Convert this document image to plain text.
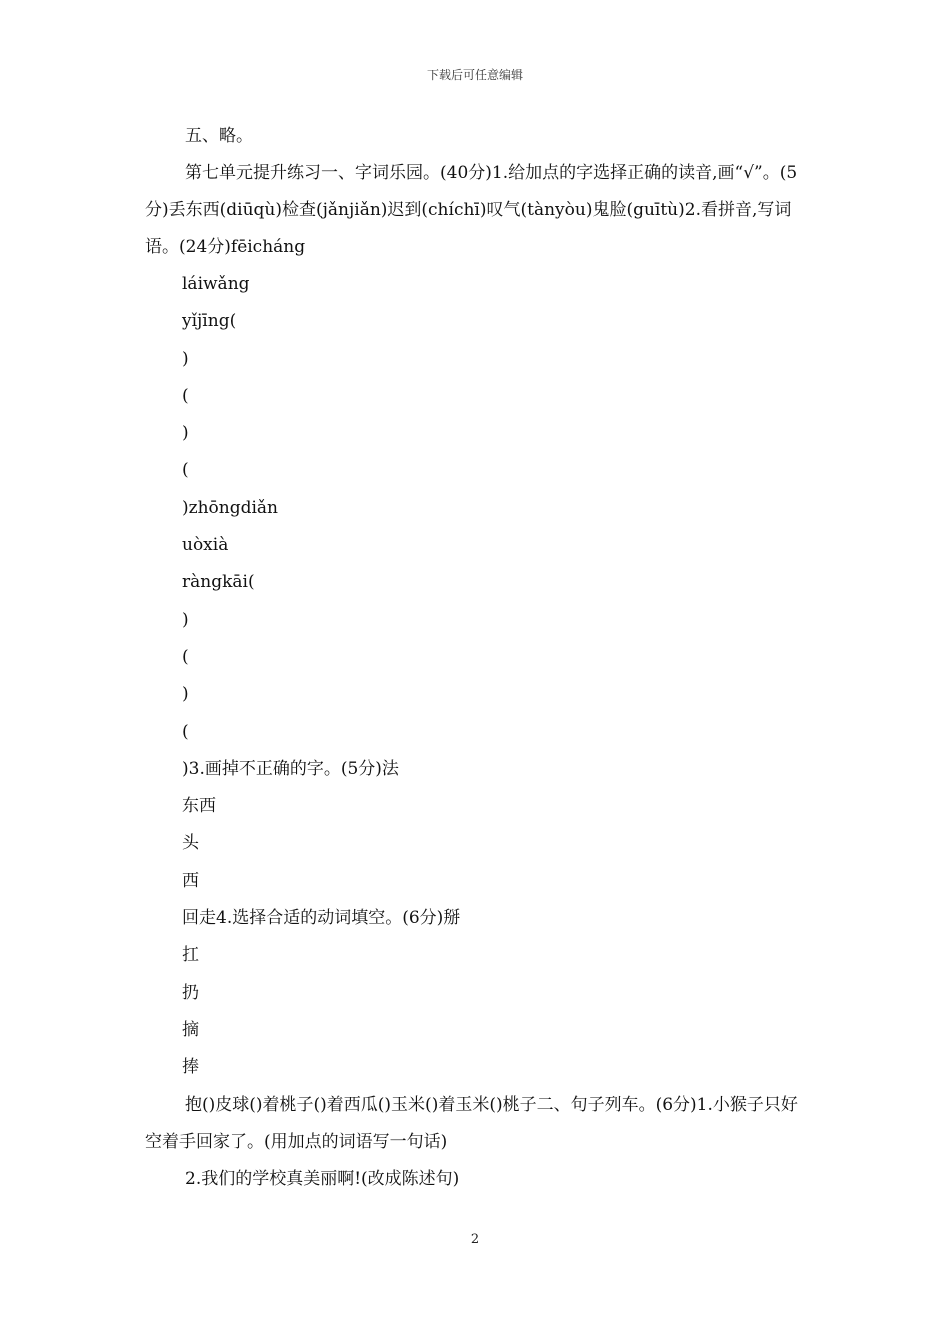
下载后可任意编辑

五、略。

第七单元提升练习一、字词乐园。(40分)1.给加点的字选择正确的读音,画“√”。(5分)丢东西(diūqù)检查(jǎnjiǎn)迟到(chíchī)叹气(tànyòu)鬼脸(guītù)2.看拼音,写词语。(24分)fēicháng

láiwǎng

yǐjīng(

)

(

)

(

)zhōngdiǎn

uòxià

ràngkāi(

)

(

)

(

)3.画掉不正确的字。(5分)法

东西

头

西

回走4.选择合适的动词填空。(6分)掰

扛

扔

摘

捧

抱()皮球()着桃子()着西瓜()玉米()着玉米()桃子二、句子列车。(6分)1.小猴子只好空着手回家了。(用加点的词语写一句话)

2.我们的学校真美丽啊!(改成陈述句)

2
